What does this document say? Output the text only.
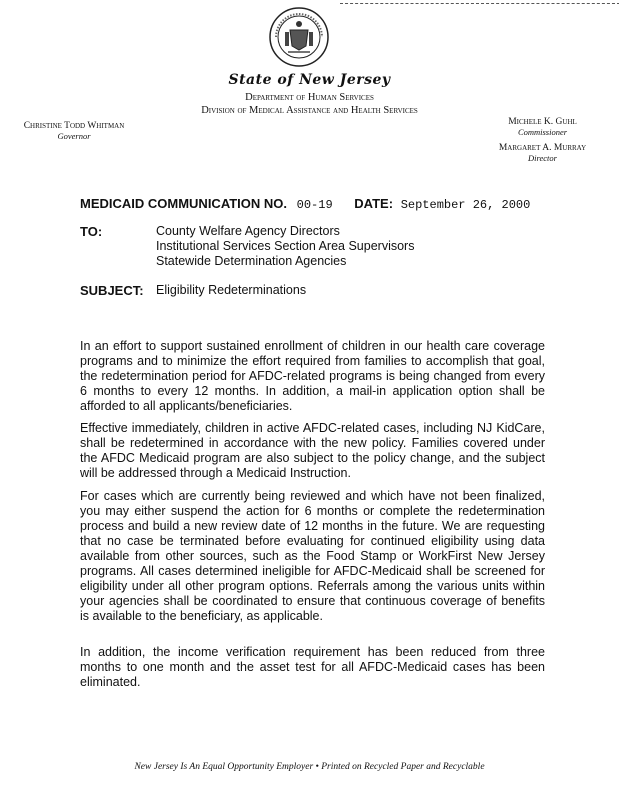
State of New Jersey
Department of Human Services
Division of Medical Assistance and Health Services
Christine Todd Whitman
Governor
Michele K. Guhl
Commissioner
Margaret A. Murray
Director
MEDICAID COMMUNICATION NO. 00-19 DATE: September 26, 2000
TO:	County Welfare Agency Directors
Institutional Services Section Area Supervisors
Statewide Determination Agencies
SUBJECT: Eligibility Redeterminations

In an effort to support sustained enrollment of children in our health care coverage programs and to minimize the effort required from families to accomplish that goal, the redetermination period for AFDC-related programs is being changed from every 6 months to every 12 months. In addition, a mail-in application option shall be afforded to all applicants/beneficiaries.

Effective immediately, children in active AFDC-related cases, including NJ KidCare, shall be redetermined in accordance with the new policy. Families covered under the AFDC Medicaid program are also subject to the policy change, and the subject will be addressed through a Medicaid Instruction.

For cases which are currently being reviewed and which have not been finalized, you may either suspend the action for 6 months or complete the redetermination process and build a new review date of 12 months in the future. We are requesting that no case be terminated before evaluating for continued eligibility using data available from other sources, such as the Food Stamp or WorkFirst New Jersey programs. All cases determined ineligible for AFDC-Medicaid shall be screened for eligibility under all other program options. Referrals among the various units within your agencies shall be coordinated to ensure that continuous coverage of benefits is available to the beneficiary, as applicable.

In addition, the income verification requirement has been reduced from three months to one month and the asset test for all AFDC-Medicaid cases has been eliminated.

New Jersey Is An Equal Opportunity Employer • Printed on Recycled Paper and Recyclable
